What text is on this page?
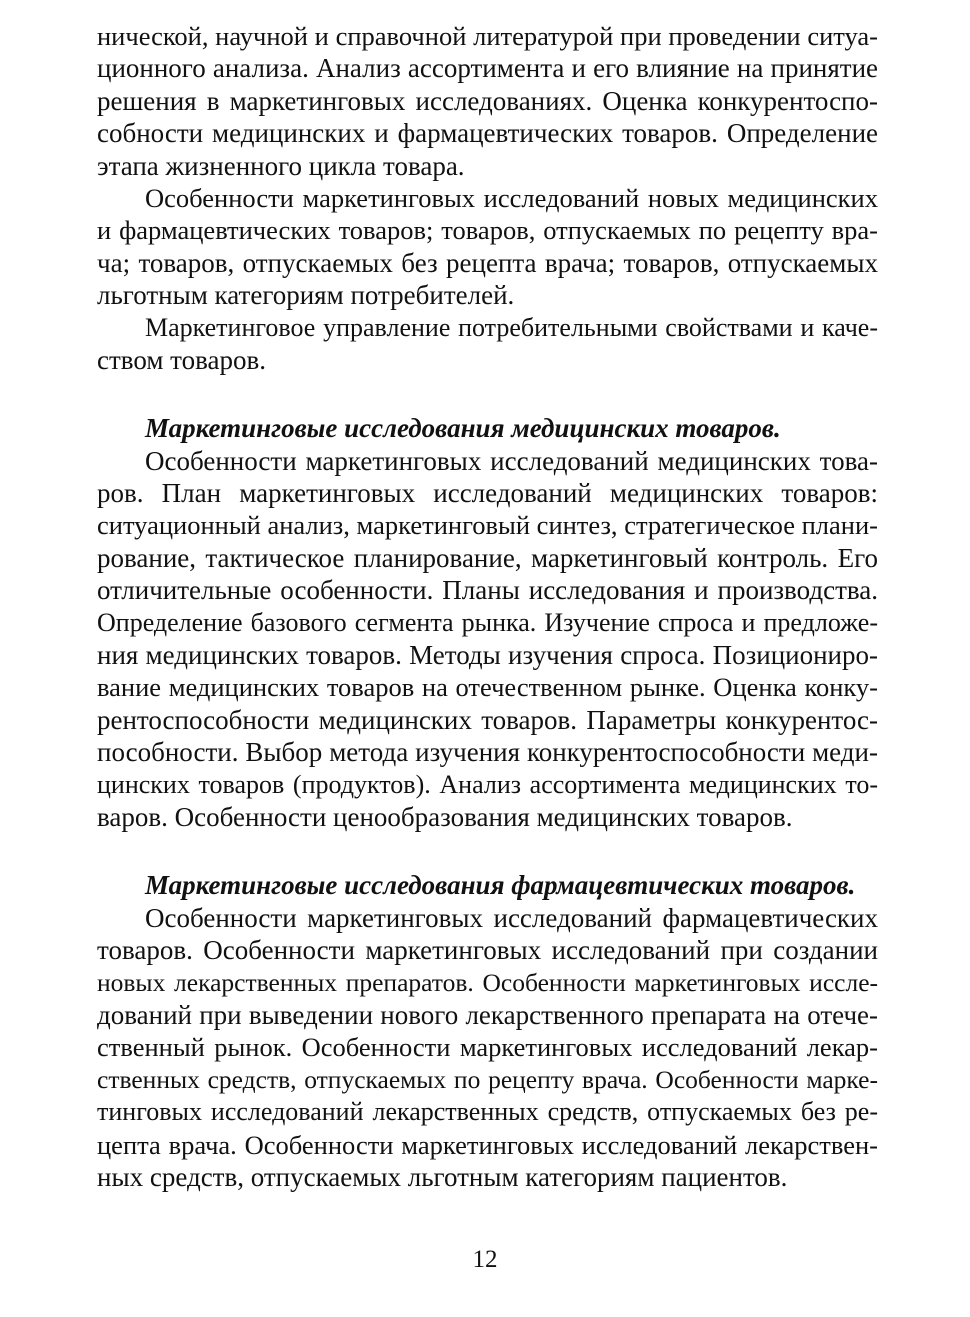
нической, научной и справочной литературой при проведении ситуа-
ционного анализа. Анализ ассортимента и его влияние на принятие
решения в маркетинговых исследованиях. Оценка конкурентоспо-
собности медицинских и фармацевтических товаров. Определение
этапа жизненного цикла товара.
Особенности маркетинговых исследований новых медицинских
и фармацевтических товаров; товаров, отпускаемых по рецепту вра-
ча; товаров, отпускаемых без рецепта врача; товаров, отпускаемых
льготным категориям потребителей.
Маркетинговое управление потребительными свойствами и каче-
ством товаров.
Маркетинговые исследования медицинских товаров.
Особенности маркетинговых исследований медицинских това-
ров. План маркетинговых исследований медицинских товаров:
ситуационный анализ, маркетинговый синтез, стратегическое плани-
рование, тактическое планирование, маркетинговый контроль. Его
отличительные особенности. Планы исследования и производства.
Определение базового сегмента рынка. Изучение спроса и предложе-
ния медицинских товаров. Методы изучения спроса. Позициониро-
вание медицинских товаров на отечественном рынке. Оценка конку-
рентоспособности медицинских товаров. Параметры конкурентос-
пособности. Выбор метода изучения конкурентоспособности меди-
цинских товаров (продуктов). Анализ ассортимента медицинских то-
варов. Особенности ценообразования медицинских товаров.
Маркетинговые исследования фармацевтических товаров.
Особенности маркетинговых исследований фармацевтических
товаров. Особенности маркетинговых исследований при создании
новых лекарственных препаратов. Особенности маркетинговых иссле-
дований при выведении нового лекарственного препарата на отече-
ственный рынок. Особенности маркетинговых исследований лекар-
ственных средств, отпускаемых по рецепту врача. Особенности марке-
тинговых исследований лекарственных средств, отпускаемых без ре-
цепта врача. Особенности маркетинговых исследований лекарствен-
ных средств, отпускаемых льготным категориям пациентов.
12
